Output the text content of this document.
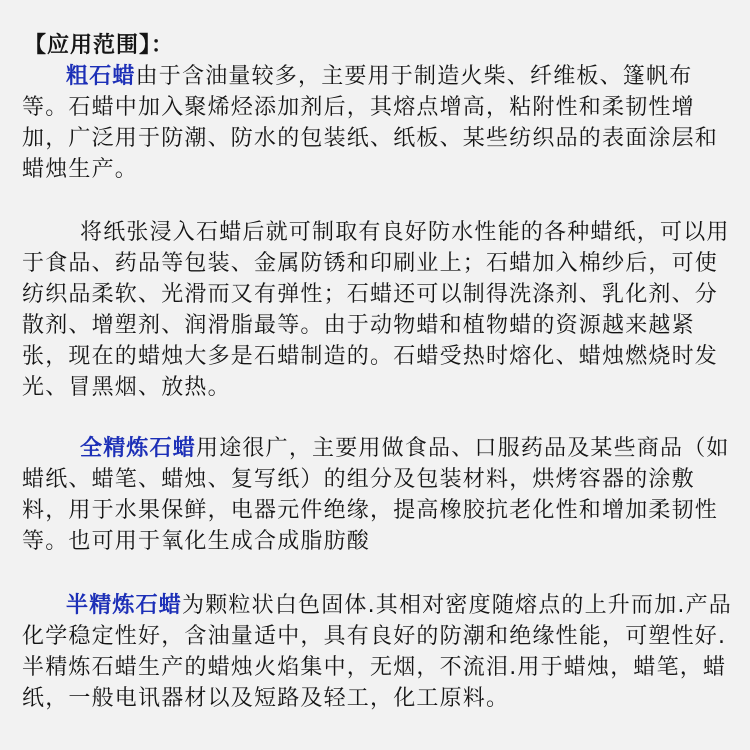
【应用范围】：
粗石蜡由于含油量较多，主要用于制造火柴、纤维板、篷帆布等。石蜡中加入聚烯烃添加剂后，其熔点增高，粘附性和柔韧性增加，广泛用于防潮、防水的包装纸、纸板、某些纺织品的表面涂层和蜡烛生产。
将纸张浸入石蜡后就可制取有良好防水性能的各种蜡纸，可以用于食品、药品等包装、金属防锈和印刷业上；石蜡加入棉纱后，可使纺织品柔软、光滑而又有弹性；石蜡还可以制得洗涤剂、乳化剂、分散剂、增塑剂、润滑脂最等。由于动物蜡和植物蜡的资源越来越紧张，现在的蜡烛大多是石蜡制造的。石蜡受热时熔化、蜡烛燃烧时发光、冒黑烟、放热。
全精炼石蜡用途很广，主要用做食品、口服药品及某些商品（如蜡纸、蜡笔、蜡烛、复写纸）的组分及包装材料，烘烤容器的涂敷料，用于水果保鲜，电器元件绝缘，提高橡胶抗老化性和增加柔韧性等。也可用于氧化生成合成脂肪酸
半精炼石蜡为颗粒状白色固体.其相对密度随熔点的上升而加.产品化学稳定性好，含油量适中，具有良好的防潮和绝缘性能，可塑性好.半精炼石蜡生产的蜡烛火焰集中，无烟，不流泪.用于蜡烛，蜡笔，蜡纸，一般电讯器材以及短路及轻工，化工原料。
